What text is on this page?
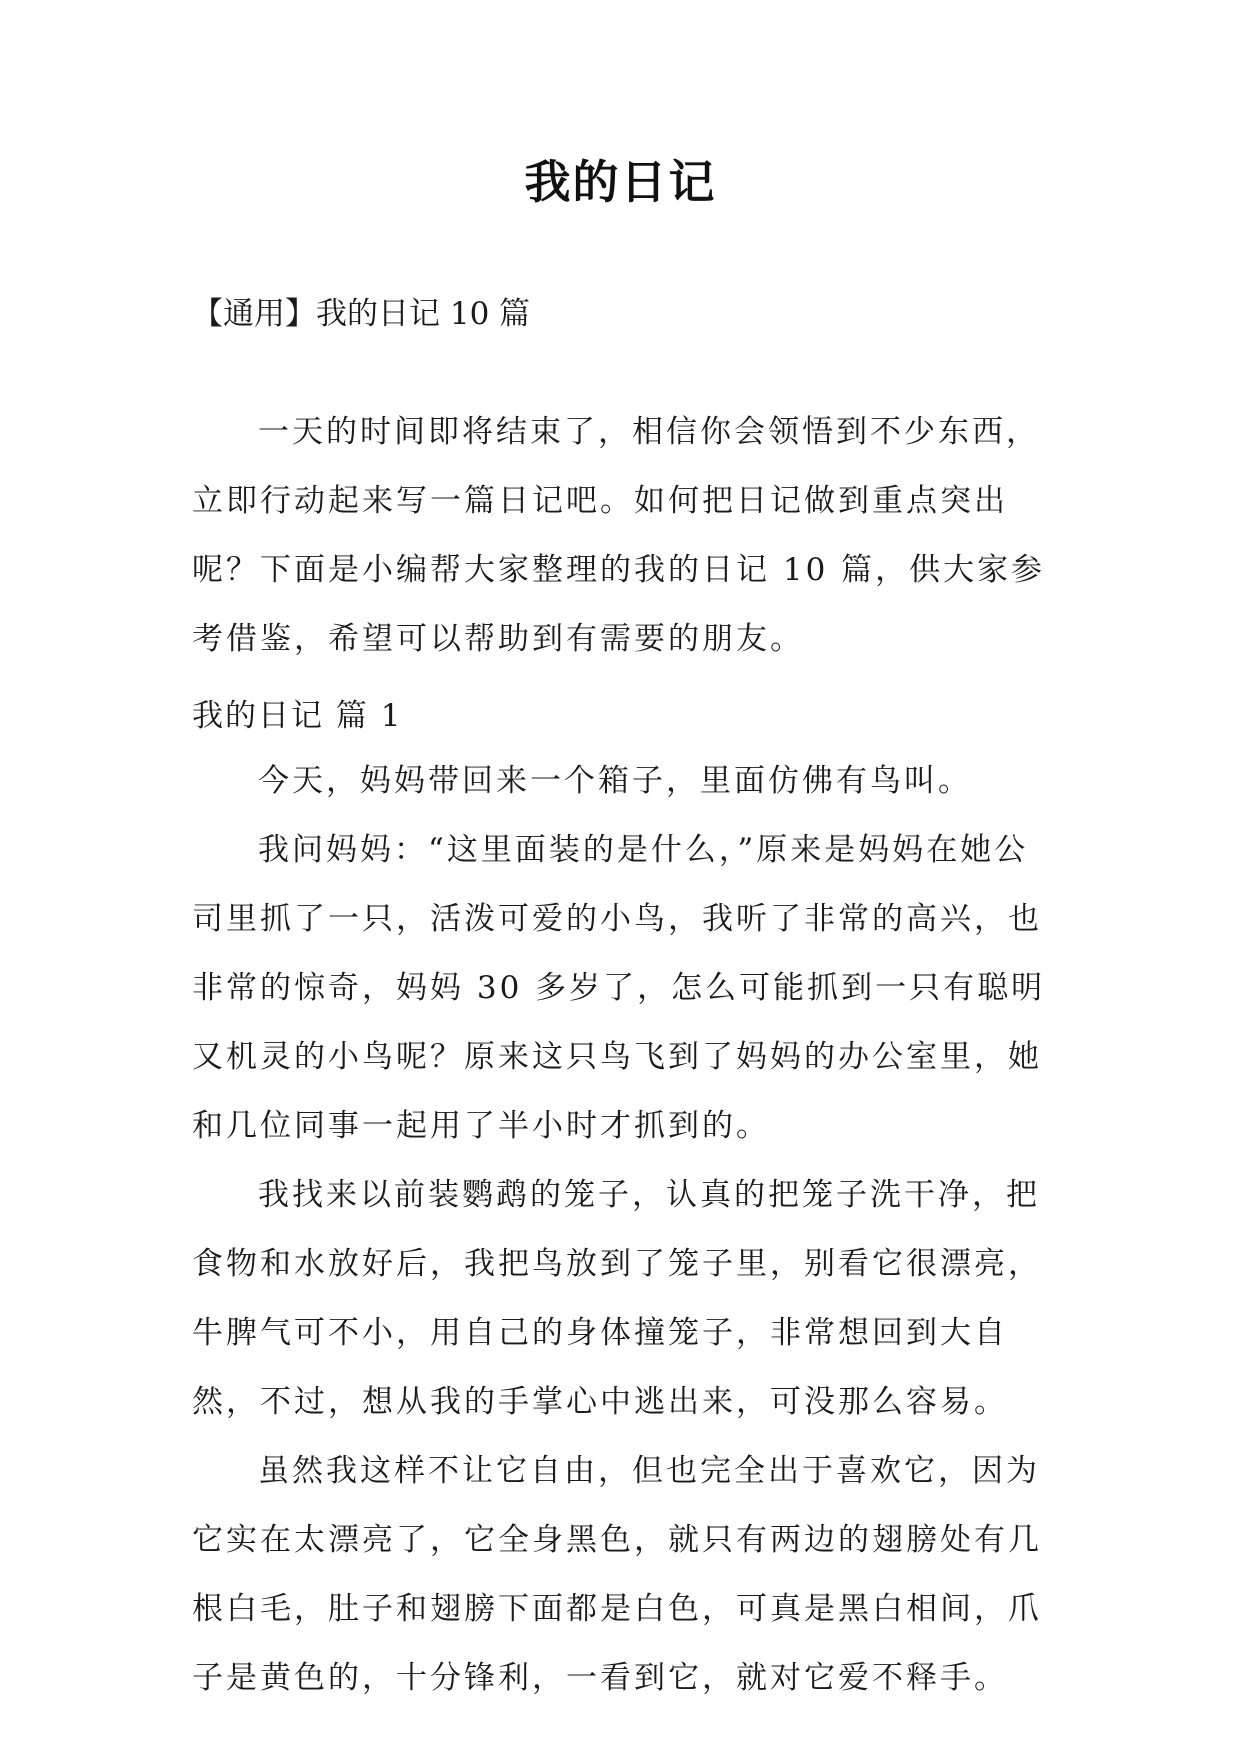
我的日记
【通用】我的日记 10 篇
一天的时间即将结束了，相信你会领悟到不少东西，立即行动起来写一篇日记吧。如何把日记做到重点突出呢？下面是小编帮大家整理的我的日记 10 篇，供大家参考借鉴，希望可以帮助到有需要的朋友。
我的日记 篇 1

今天，妈妈带回来一个箱子，里面仿佛有鸟叫。

我问妈妈：“这里面装的是什么，”原来是妈妈在她公司里抓了一只，活泼可爱的小鸟，我听了非常的高兴，也非常的惊奇，妈妈 30 多岁了，怎么可能抓到一只有聪明又机灵的小鸟呢？原来这只鸟飞到了妈妈的办公室里，她和几位同事一起用了半小时才抓到的。

我找来以前装鹦鹉的笼子，认真的把笼子洗干净，把食物和水放好后，我把鸟放到了笼子里，别看它很漂亮，牛脾气可不小，用自己的身体撞笼子，非常想回到大自然，不过，想从我的手掌心中逃出来，可没那么容易。

虽然我这样不让它自由，但也完全出于喜欢它，因为它实在太漂亮了，它全身黑色，就只有两边的翅膀处有几根白毛，肚子和翅膀下面都是白色，可真是黑白相间，爪子是黄色的，十分锋利，一看到它，就对它爱不释手。
